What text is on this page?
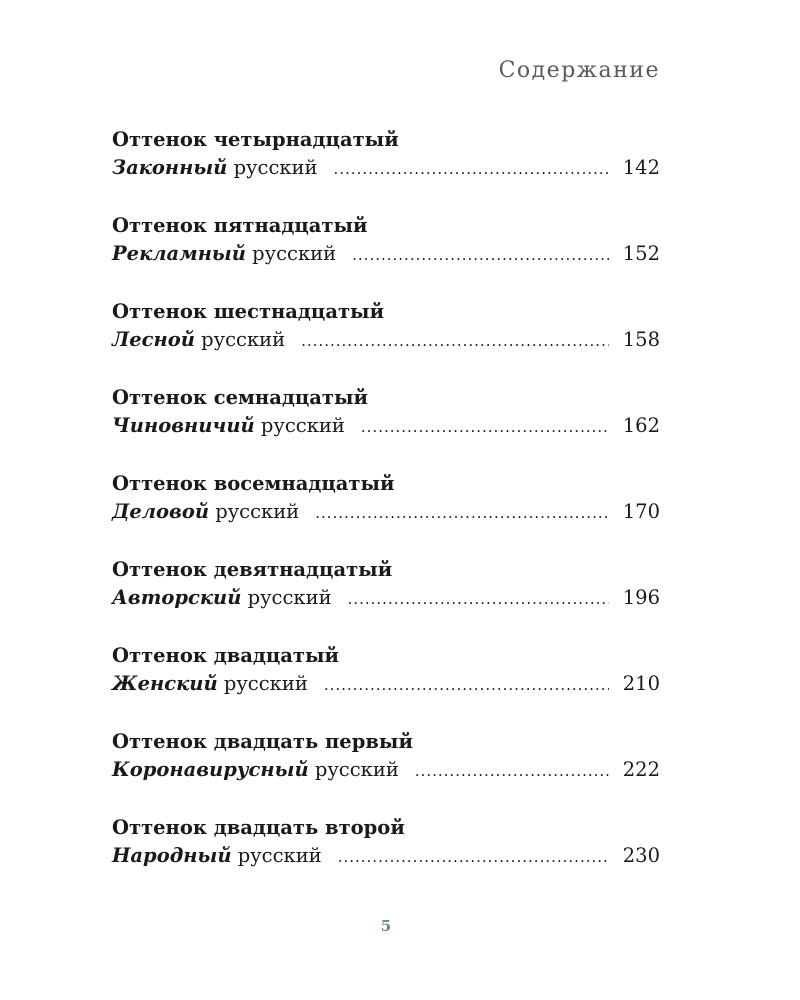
Содержание
Оттенок четырнадцатый
Законный русский .....	142
Оттенок пятнадцатый
Рекламный русский .....	152
Оттенок шестнадцатый
Лесной русский .....	158
Оттенок семнадцатый
Чиновничий русский .....	162
Оттенок восемнадцатый
Деловой русский .....	170
Оттенок девятнадцатый
Авторский русский .....	196
Оттенок двадцатый
Женский русский .....	210
Оттенок двадцать первый
Коронавирусный русский .....	222
Оттенок двадцать второй
Народный русский .....	230
5
